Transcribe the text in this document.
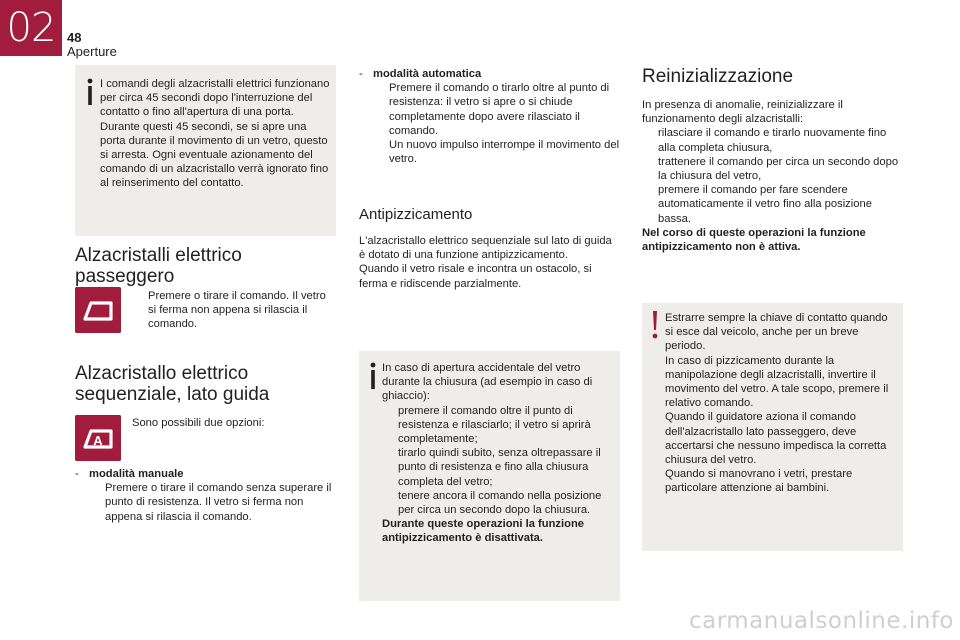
02 48
Aperture
I comandi degli alzacristalli elettrici funzionano per circa 45 secondi dopo l'interruzione del contatto o fino all'apertura di una porta. Durante questi 45 secondi, se si apre una porta durante il movimento di un vetro, questo si arresta. Ogni eventuale azionamento del comando di un alzacristallo verrà ignorato fino al reinserimento del contatto.
Alzacristalli elettrico
passeggero
Premere o tirare il comando. Il vetro si ferma non appena si rilascia il comando.
Alzacristallo elettrico
sequenziale, lato guida
A
Sono possibili due opzioni:
- modalità manuale
Premere o tirare il comando senza superare il punto di resistenza. Il vetro si ferma non appena si rilascia il comando.
- modalità automatica
Premere il comando o tirarlo oltre al punto di resistenza: il vetro si apre o si chiude completamente dopo avere rilasciato il comando.
Un nuovo impulso interrompe il movimento del vetro.
Antipizzicamento
L'alzacristallo elettrico sequenziale sul lato di guida è dotato di una funzione antipizzicamento.
Quando il vetro risale e incontra un ostacolo, si ferma e ridiscende parzialmente.
In caso di apertura accidentale del vetro durante la chiusura (ad esempio in caso di ghiaccio):
premere il comando oltre il punto di resistenza e rilasciarlo; il vetro si aprirà completamente;
tirarlo quindi subito, senza oltrepassare il punto di resistenza e fino alla chiusura completa del vetro;
tenere ancora il comando nella posizione per circa un secondo dopo la chiusura.
Durante queste operazioni la funzione antipizzicamento è disattivata.
Reinizializzazione
In presenza di anomalie, reinizializzare il funzionamento degli alzacristalli:
rilasciare il comando e tirarlo nuovamente fino alla completa chiusura,
trattenere il comando per circa un secondo dopo la chiusura del vetro,
premere il comando per fare scendere automaticamente il vetro fino alla posizione bassa.
Nel corso di queste operazioni la funzione antipizzicamento non è attiva.
Estrarre sempre la chiave di contatto quando si esce dal veicolo, anche per un breve periodo.
In caso di pizzicamento durante la manipolazione degli alzacristalli, invertire il movimento del vetro. A tale scopo, premere il relativo comando.
Quando il guidatore aziona il comando dell'alzacristallo lato passeggero, deve accertarsi che nessuno impedisca la corretta chiusura del vetro.
Quando si manovrano i vetri, prestare particolare attenzione ai bambini.
carmanualsonline.info
